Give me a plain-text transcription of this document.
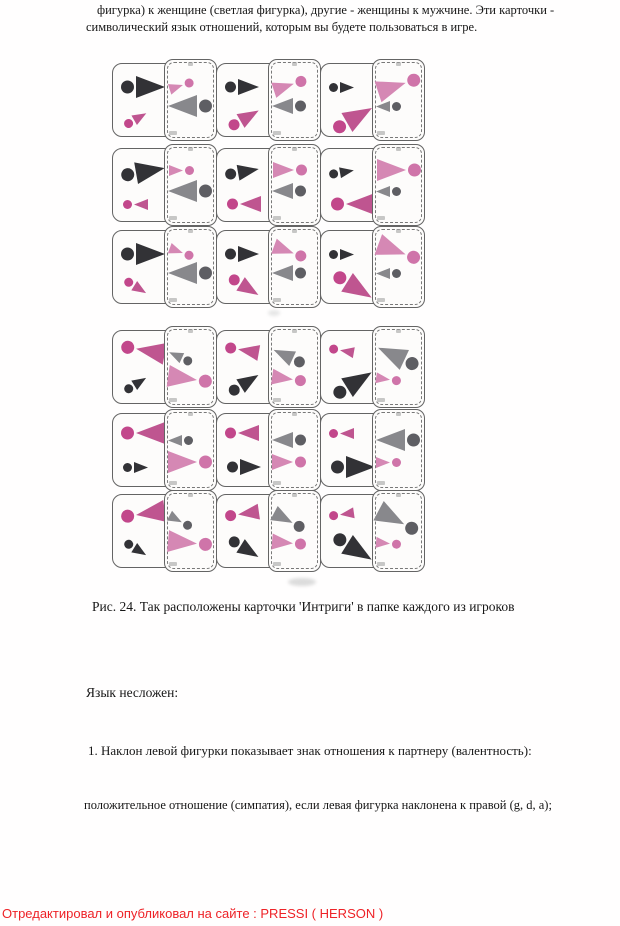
фигурка) к женщине (светлая фигурка), другие - женщины к мужчине. Эти карточки -

символический язык отношений, которым вы будете пользоваться в игре.

Рис. 24. Так расположены карточки 'Интриги' в папке каждого из игроков

Язык несложен:

1. Наклон левой фигурки показывает знак отношения к партнеру (валентность):

положительное отношение (симпатия), если левая фигурка наклонена к правой (g, d, a);

Отредактировал и опубликовал на сайте : PRESSI ( HERSON )
